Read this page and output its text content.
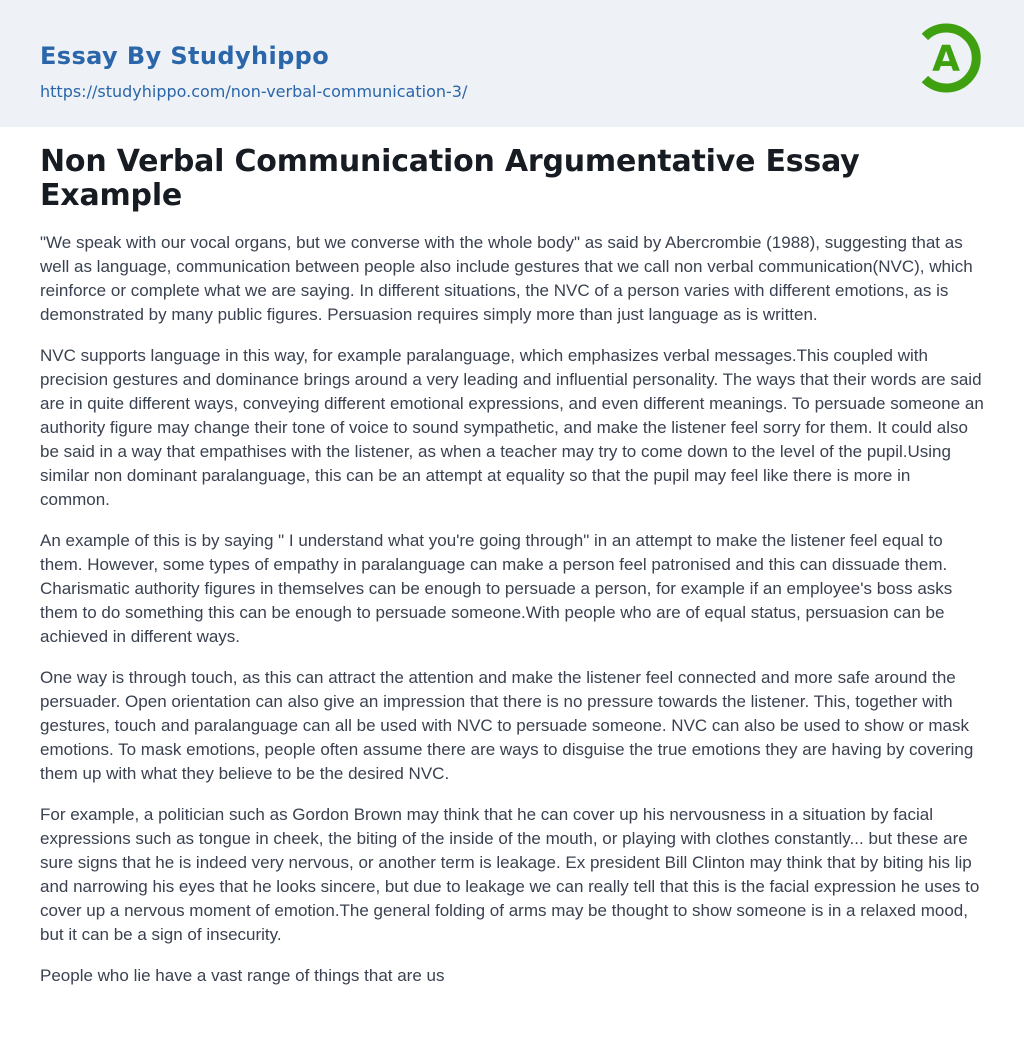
Essay By Studyhippo
https://studyhippo.com/non-verbal-communication-3/
A
Non Verbal Communication Argumentative Essay Example

"We speak with our vocal organs, but we converse with the whole body" as said by Abercrombie (1988), suggesting that as well as language, communication between people also include gestures that we call non verbal communication(NVC), which reinforce or complete what we are saying. In different situations, the NVC of a person varies with different emotions, as is demonstrated by many public figures. Persuasion requires simply more than just language as is written.

NVC supports language in this way, for example paralanguage, which emphasizes verbal messages.This coupled with precision gestures and dominance brings around a very leading and influential personality. The ways that their words are said are in quite different ways, conveying different emotional expressions, and even different meanings. To persuade someone an authority figure may change their tone of voice to sound sympathetic, and make the listener feel sorry for them. It could also be said in a way that empathises with the listener, as when a teacher may try to come down to the level of the pupil.Using similar non dominant paralanguage, this can be an attempt at equality so that the pupil may feel like there is more in common.

An example of this is by saying " I understand what you're going through" in an attempt to make the listener feel equal to them. However, some types of empathy in paralanguage can make a person feel patronised and this can dissuade them. Charismatic authority figures in themselves can be enough to persuade a person, for example if an employee's boss asks them to do something this can be enough to persuade someone.With people who are of equal status, persuasion can be achieved in different ways.

One way is through touch, as this can attract the attention and make the listener feel connected and more safe around the persuader. Open orientation can also give an impression that there is no pressure towards the listener. This, together with gestures, touch and paralanguage can all be used with NVC to persuade someone. NVC can also be used to show or mask emotions. To mask emotions, people often assume there are ways to disguise the true emotions they are having by covering them up with what they believe to be the desired NVC.

For example, a politician such as Gordon Brown may think that he can cover up his nervousness in a situation by facial expressions such as tongue in cheek, the biting of the inside of the mouth, or playing with clothes constantly... but these are sure signs that he is indeed very nervous, or another term is leakage. Ex president Bill Clinton may think that by biting his lip and narrowing his eyes that he looks sincere, but due to leakage we can really tell that this is the facial expression he uses to cover up a nervous moment of emotion.The general folding of arms may be thought to show someone is in a relaxed mood, but it can be a sign of insecurity.

People who lie have a vast range of things that are us
